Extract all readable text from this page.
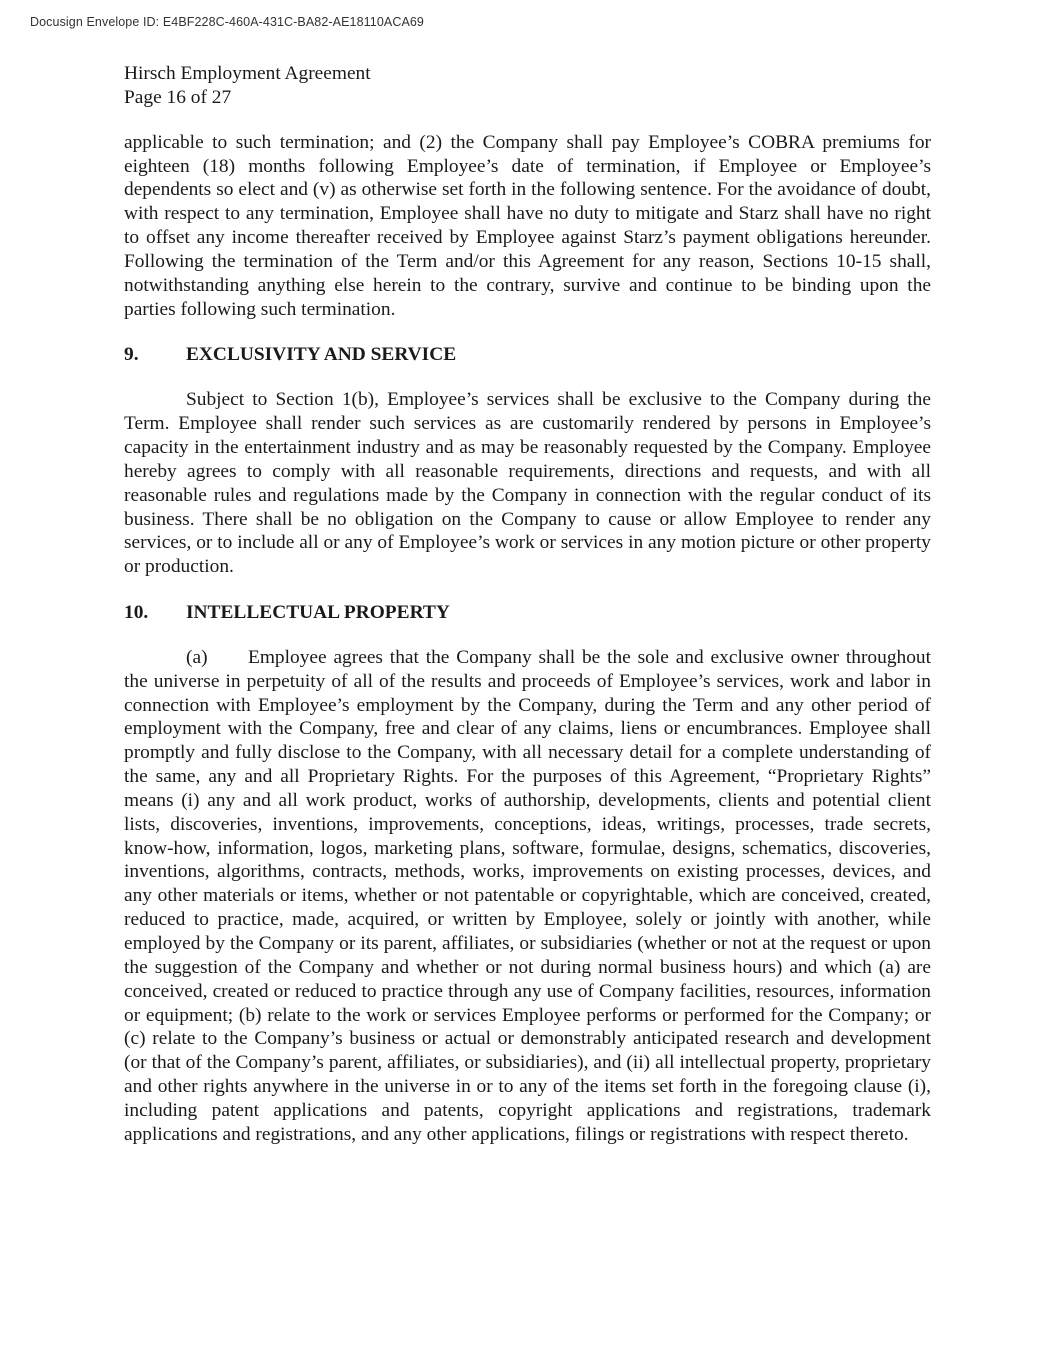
Docusign Envelope ID: E4BF228C-460A-431C-BA82-AE18110ACA69
Hirsch Employment Agreement
Page 16 of 27

applicable to such termination; and (2) the Company shall pay Employee’s COBRA premiums for eighteen (18) months following Employee’s date of termination, if Employee or Employee’s dependents so elect and (v) as otherwise set forth in the following sentence. For the avoidance of doubt, with respect to any termination, Employee shall have no duty to mitigate and Starz shall have no right to offset any income thereafter received by Employee against Starz’s payment obligations hereunder. Following the termination of the Term and/or this Agreement for any reason, Sections 10-15 shall, notwithstanding anything else herein to the contrary, survive and continue to be binding upon the parties following such termination.

9.	EXCLUSIVITY AND SERVICE

Subject to Section 1(b), Employee’s services shall be exclusive to the Company during the Term. Employee shall render such services as are customarily rendered by persons in Employee’s capacity in the entertainment industry and as may be reasonably requested by the Company. Employee hereby agrees to comply with all reasonable requirements, directions and requests, and with all reasonable rules and regulations made by the Company in connection with the regular conduct of its business. There shall be no obligation on the Company to cause or allow Employee to render any services, or to include all or any of Employee’s work or services in any motion picture or other property or production.

10.	INTELLECTUAL PROPERTY

(a) Employee agrees that the Company shall be the sole and exclusive owner throughout the universe in perpetuity of all of the results and proceeds of Employee’s services, work and labor in connection with Employee’s employment by the Company, during the Term and any other period of employment with the Company, free and clear of any claims, liens or encumbrances. Employee shall promptly and fully disclose to the Company, with all necessary detail for a complete understanding of the same, any and all Proprietary Rights. For the purposes of this Agreement, “Proprietary Rights” means (i) any and all work product, works of authorship, developments, clients and potential client lists, discoveries, inventions, improvements, conceptions, ideas, writings, processes, trade secrets, know-how, information, logos, marketing plans, software, formulae, designs, schematics, discoveries, inventions, algorithms, contracts, methods, works, improvements on existing processes, devices, and any other materials or items, whether or not patentable or copyrightable, which are conceived, created, reduced to practice, made, acquired, or written by Employee, solely or jointly with another, while employed by the Company or its parent, affiliates, or subsidiaries (whether or not at the request or upon the suggestion of the Company and whether or not during normal business hours) and which (a) are conceived, created or reduced to practice through any use of Company facilities, resources, information or equipment; (b) relate to the work or services Employee performs or performed for the Company; or (c) relate to the Company’s business or actual or demonstrably anticipated research and development (or that of the Company’s parent, affiliates, or subsidiaries), and (ii) all intellectual property, proprietary and other rights anywhere in the universe in or to any of the items set forth in the foregoing clause (i), including patent applications and patents, copyright applications and registrations, trademark applications and registrations, and any other applications, filings or registrations with respect thereto.
